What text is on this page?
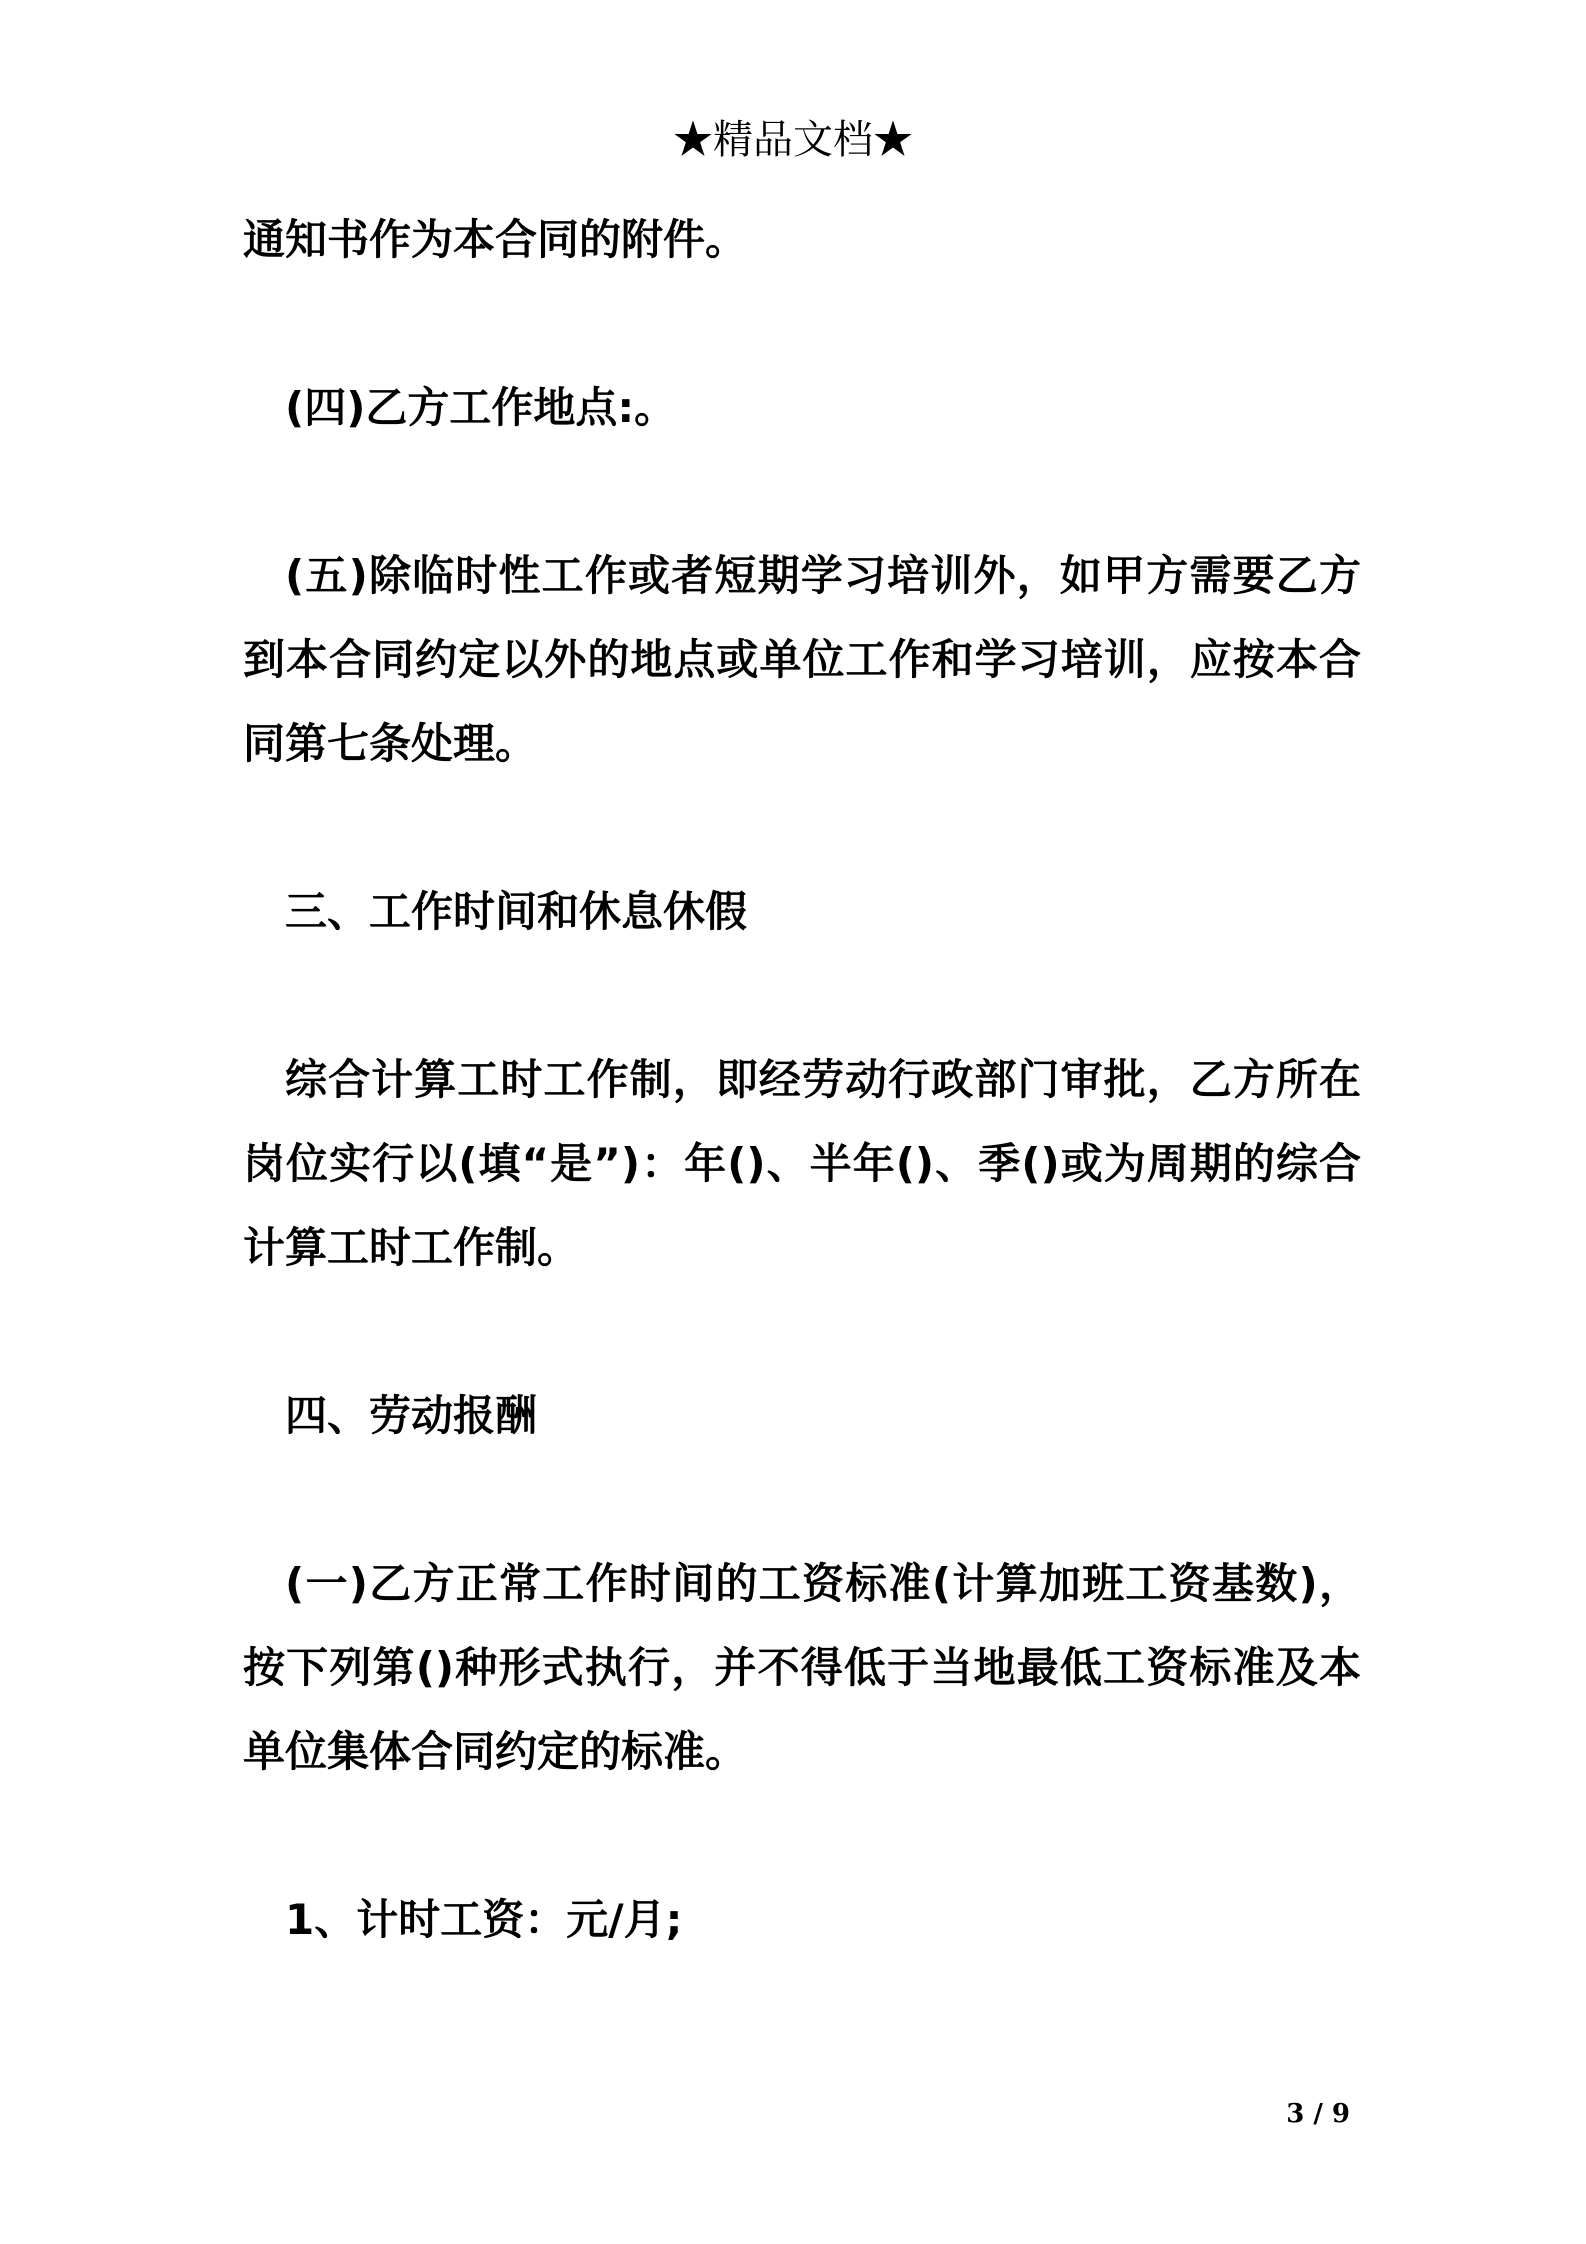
★精品文档★

通知书作为本合同的附件。

(四)乙方工作地点:。

(五)除临时性工作或者短期学习培训外，如甲方需要乙方到本合同约定以外的地点或单位工作和学习培训，应按本合同第七条处理。

三、工作时间和休息休假

综合计算工时工作制，即经劳动行政部门审批，乙方所在岗位实行以(填“是”)：年()、半年()、季()或为周期的综合计算工时工作制。

四、劳动报酬

(一)乙方正常工作时间的工资标准(计算加班工资基数)，按下列第()种形式执行，并不得低于当地最低工资标准及本单位集体合同约定的标准。

1、计时工资：元/月;

3 / 9
